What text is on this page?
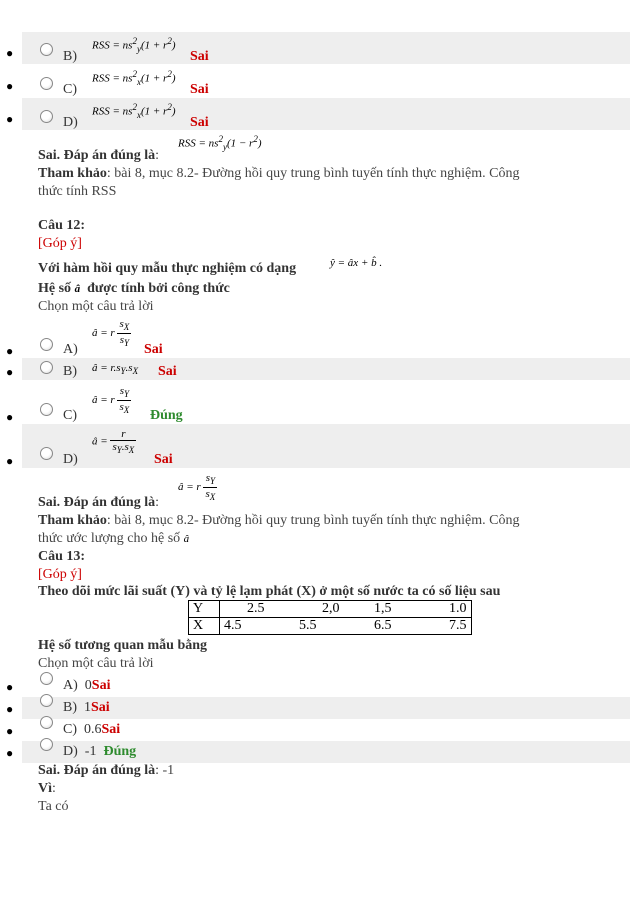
●	B)
RSS = $ns^2_y(1 + r^2)$
Sai
●	C)
RSS = $ns^2_x(1 + r^2)$
Sai
●	D)
RSS = $ns^2_x(1 + r^2)$
Sai
Sai. Đáp án đúng là:
RSS = $ns^2_y(1 - r^2)$
Tham khảo: bài 8, mục 8.2- Đường hồi quy trung bình tuyến tính thực nghiệm. Công
thức tính RSS
Câu 12:
[Góp ý]
Với hàm hồi quy mẫu thực nghiệm có dạng	ŷ = âx + b̂ .
Hệ số â được tính bởi công thức
Chọn một câu trả lời
●	A)
â = r $\frac{s_X}{s_Y}$
Sai
●	B) â = $r.s_Y.s_X$ Sai
●	C)
â = r $\frac{s_Y}{s_X}$ Đúng
●	D)
â = $\frac{r}{s_Y.s_X}$
Sai
â = r $\frac{s_Y}{s_X}$
Sai. Đáp án đúng là:
Tham khảo: bài 8, mục 8.2- Đường hồi quy trung bình tuyến tính thực nghiệm. Công
thức ước lượng cho hệ số â
Câu 13:
[Góp ý]
Theo dõi mức lãi suất (Y) và tỷ lệ lạm phát (X) ở một số nước ta có số liệu sau
Y	2.5     2,0   1,5     1.0
X	4.5     5.5     6.5     7.5
Hệ số tương quan mẫu bằng
Chọn một câu trả lời
●	A) 0Sai
●	B) 1Sai
●	C) 0.6Sai
●	D) -1 Đúng
Sai. Đáp án đúng là: -1
Vì:
Ta có
